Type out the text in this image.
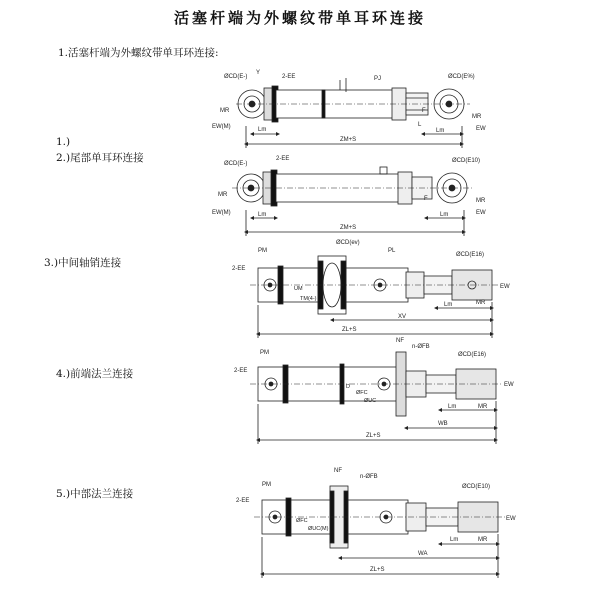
活塞杆端为外螺纹带单耳环连接
1.活塞杆端为外螺纹带单耳环连接:
1.)
2.)尾部单耳环连接
3.)中间轴销连接
4.)前端法兰连接
5.)中部法兰连接
ØCD(E-)
Y
2-EE	PJ	ØCD(E%)
MR
EW(M)	Lm
L
Lm
MR
EW
ZM+S
F
ØCD(E-)
2-EE	ØCD(E10)
MR
EW(M)	Lm	Lm
MR
EW
ZM+S
F
PM
ØCD(ev)
PL
2-EE
ØCD(E16)
UM
TM(4-)
Lm	MR
EW
XV
ZL+S
NF
n-ØFB
PM
2-EE
ØCD(E16)
D
ØFC
ØUC
Lm	MR
EW
WB
ZL+S
NF
n-ØFB
PM
2-EE
ØCD(E10)
ØFC
ØUC(M)
Lm	MR
EW
WA
ZL+S
